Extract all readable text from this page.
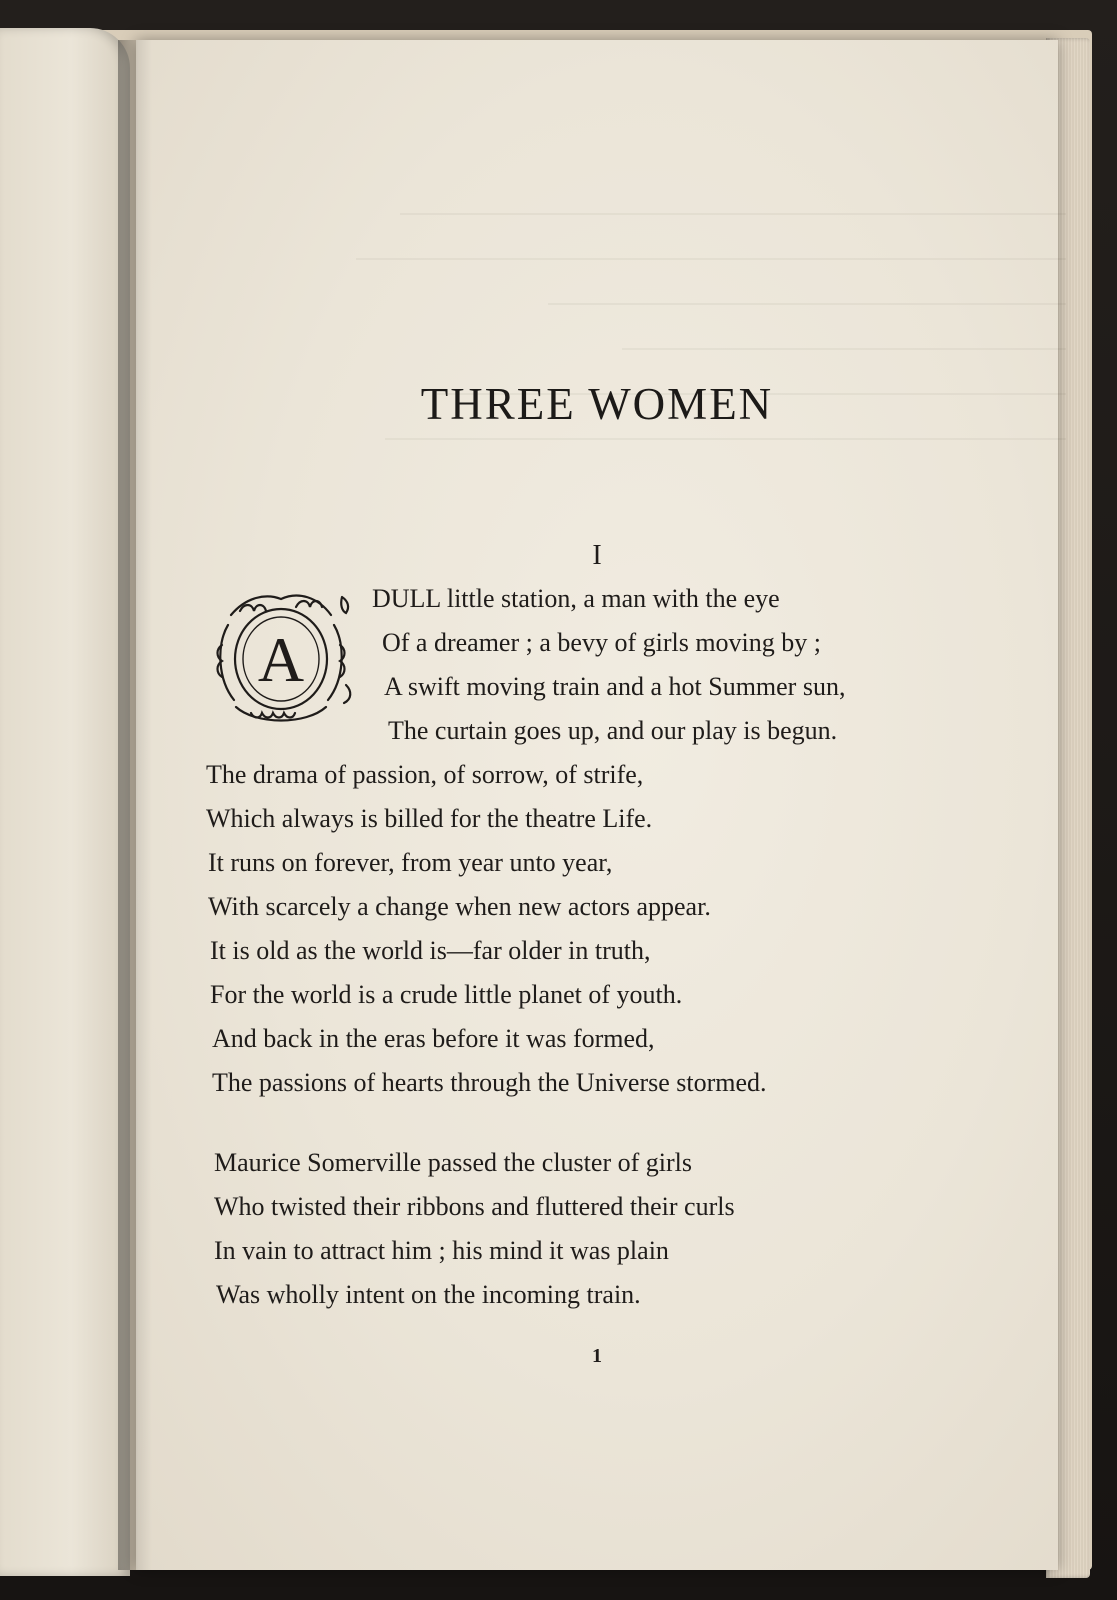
THREE WOMEN
I
A

DULL little station, a man with the eye

Of a dreamer ; a bevy of girls moving by ;

A swift moving train and a hot Summer sun,

The curtain goes up, and our play is begun.

The drama of passion, of sorrow, of strife,

Which always is billed for the theatre Life.

It runs on forever, from year unto year,

With scarcely a change when new actors appear.

It is old as the world is—far older in truth,

For the world is a crude little planet of youth.

And back in the eras before it was formed,

The passions of hearts through the Universe stormed.

Maurice Somerville passed the cluster of girls

Who twisted their ribbons and fluttered their curls

In vain to attract him ; his mind it was plain

Was wholly intent on the incoming train.

1
